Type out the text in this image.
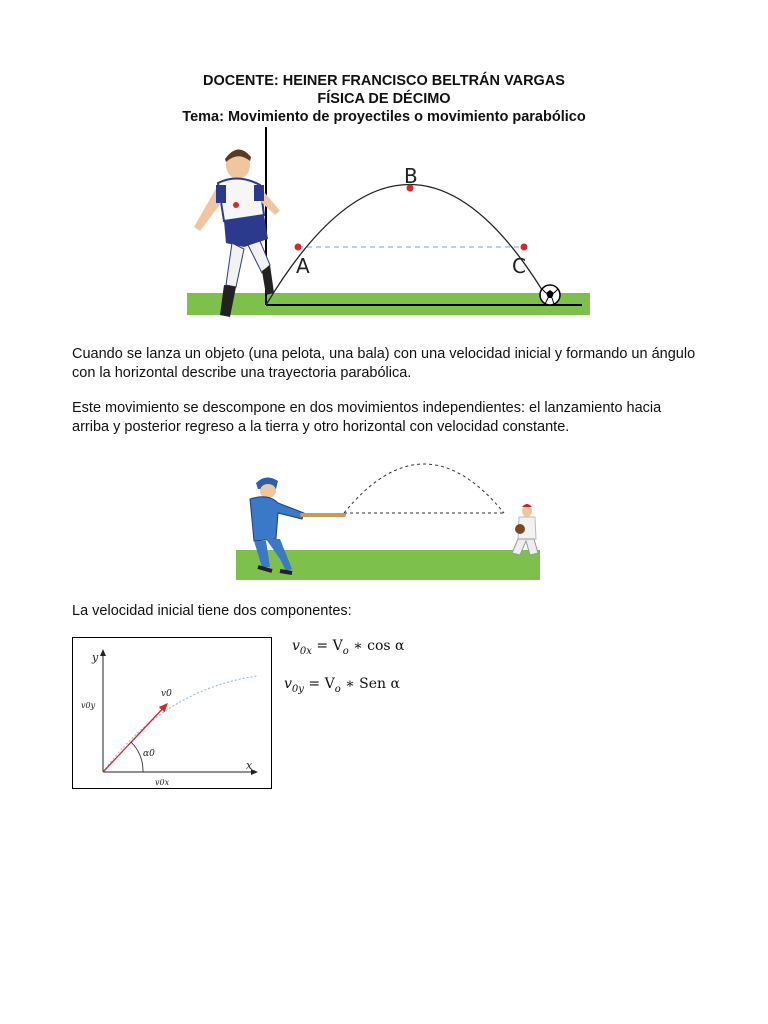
DOCENTE: HEINER FRANCISCO BELTRÁN VARGAS
FÍSICA DE DÉCIMO
Tema: Movimiento de proyectiles o movimiento parabólico
A
B
C

Cuando se lanza un objeto (una pelota, una bala) con una velocidad inicial y formando un ángulo con la horizontal describe una trayectoria parabólica.

Este movimiento se descompone en dos movimientos independientes: el lanzamiento hacia arriba y posterior regreso a la tierra y otro horizontal con velocidad constante.

La velocidad inicial tiene dos componentes:

y
x
v0y
v0x
v0
α0
$v_{0x} = V_o$ ∗ cos α
$v_{0y} = V_o$ ∗ Sen α
